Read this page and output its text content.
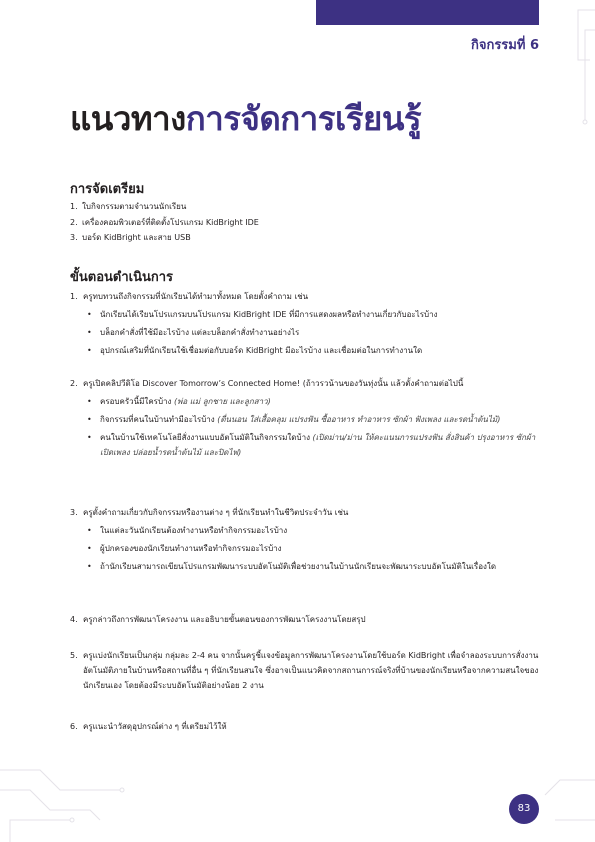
กิจกรรมที่ 6
แนวทางการจัดการเรียนรู้
การจัดเตรียม
1. ใบกิจกรรมตามจำนวนนักเรียน
2. เครื่องคอมพิวเตอร์ที่ติดตั้งโปรแกรม KidBright IDE
3. บอร์ด KidBright และสาย USB
ขั้นตอนดำเนินการ
1. ครูทบทวนถึงกิจกรรมที่นักเรียนได้ทำมาทั้งหมด โดยตั้งคำถาม เช่น
• นักเรียนได้เรียนโปรแกรมบนโปรแกรม KidBright IDE ที่มีการแสดงผลหรือทำงานเกี่ยวกับอะไรบ้าง
• บล็อกคำสั่งที่ใช้มีอะไรบ้าง แต่ละบล็อกคำสั่งทำงานอย่างไร
• อุปกรณ์เสริมที่นักเรียนใช้เชื่อมต่อกับบอร์ด KidBright มีอะไรบ้าง และเชื่อมต่อในการทำงานใด
2. ครูเปิดคลิปวีดิโอ Discover Tomorrow’s Connected Home! (ถ้าวรวน้านของวันทุ่งนั้น แล้วตั้งคำถามต่อไปนี้
• ครอบครัวนี้มีใครบ้าง (พ่อ แม่ ลูกชาย และลูกสาว)
• กิจกรรมที่คนในบ้านทำมีอะไรบ้าง (ตื่นนอน ใส่เสื้อคลุม แปรงฟัน ซื้ออาหาร ทำอาหาร ซักผ้า ฟังเพลง และรดน้ำต้นไม้)
• คนในบ้านใช้เทคโนโลยีสั่งงานแบบอัตโนมัติในกิจกรรมใดบ้าง (เปิดม่าน/ม่าน ให้คะแนนการแปรงฟัน สั่งสินค้า ปรุงอาหาร ซักผ้า เปิดเพลง ปล่อยน้ำรดน้ำต้นไม้ และปิดไฟ)
3. ครูตั้งคำถามเกี่ยวกับกิจกรรมหรืองานต่าง ๆ ที่นักเรียนทำในชีวิตประจำวัน เช่น
• ในแต่ละวันนักเรียนต้องทำงานหรือทำกิจกรรมอะไรบ้าง
• ผู้ปกครองของนักเรียนทำงานหรือทำกิจกรรมอะไรบ้าง
• ถ้านักเรียนสามารถเขียนโปรแกรมพัฒนาระบบอัตโนมัติเพื่อช่วยงานในบ้านนักเรียนจะพัฒนาระบบอัตโนมัติในเรื่องใด
4. ครูกล่าวถึงการพัฒนาโครงงาน และอธิบายขั้นตอนของการพัฒนาโครงงานโดยสรุป
5. ครูแบ่งนักเรียนเป็นกลุ่ม กลุ่มละ 2-4 คน จากนั้นครูชี้แจงข้อมูลการพัฒนาโครงงานโดยใช้บอร์ด KidBright เพื่อจำลองระบบการสั่งงานอัตโนมัติภายในบ้านหรือสถานที่อื่น ๆ ที่นักเรียนสนใจ ซึ่งอาจเป็นแนวคิดจากสถานการณ์จริงที่บ้านของนักเรียนหรือจากความสนใจของนักเรียนเอง โดยต้องมีระบบอัตโนมัติอย่างน้อย 2 งาน
6. ครูแนะนำวัสดุอุปกรณ์ต่าง ๆ ที่เตรียมไว้ให้
83
